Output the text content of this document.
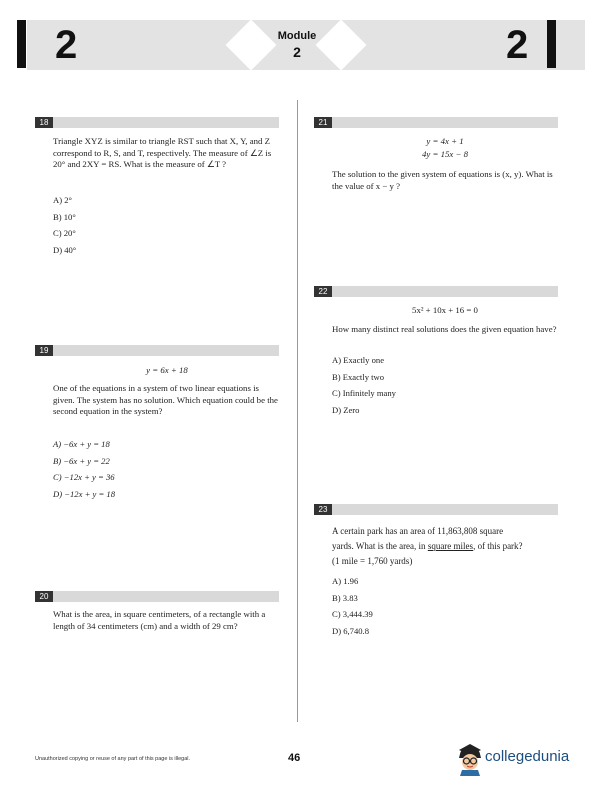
2	Module
2	2
18
Triangle XYZ is similar to triangle RST such that X, Y, and Z correspond to R, S, and T, respectively. The measure of ∠Z is 20° and 2XY = RS. What is the measure of ∠T ?
A) 2°
B) 10°
C) 20°
D) 40°
19
y = 6x + 18
One of the equations in a system of two linear equations is given. The system has no solution. Which equation could be the second equation in the system?
A) −6x + y = 18
B) −6x + y = 22
C) −12x + y = 36
D) −12x + y = 18
20
What is the area, in square centimeters, of a rectangle with a length of 34 centimeters (cm) and a width of 29 cm?
21
y = 4x + 1
4y = 15x − 8
The solution to the given system of equations is (x, y). What is the value of x − y ?
22
5x² + 10x + 16 = 0
How many distinct real solutions does the given equation have?
A) Exactly one
B) Exactly two
C) Infinitely many
D) Zero
23
A certain park has an area of 11,863,808 square
yards. What is the area, in square miles, of this park?
(1 mile = 1,760 yards)
A) 1.96
B) 3.83
C) 3,444.39
D) 6,740.8
Unauthorized copying or reuse of any part of this page is illegal.	46	collegedunia
